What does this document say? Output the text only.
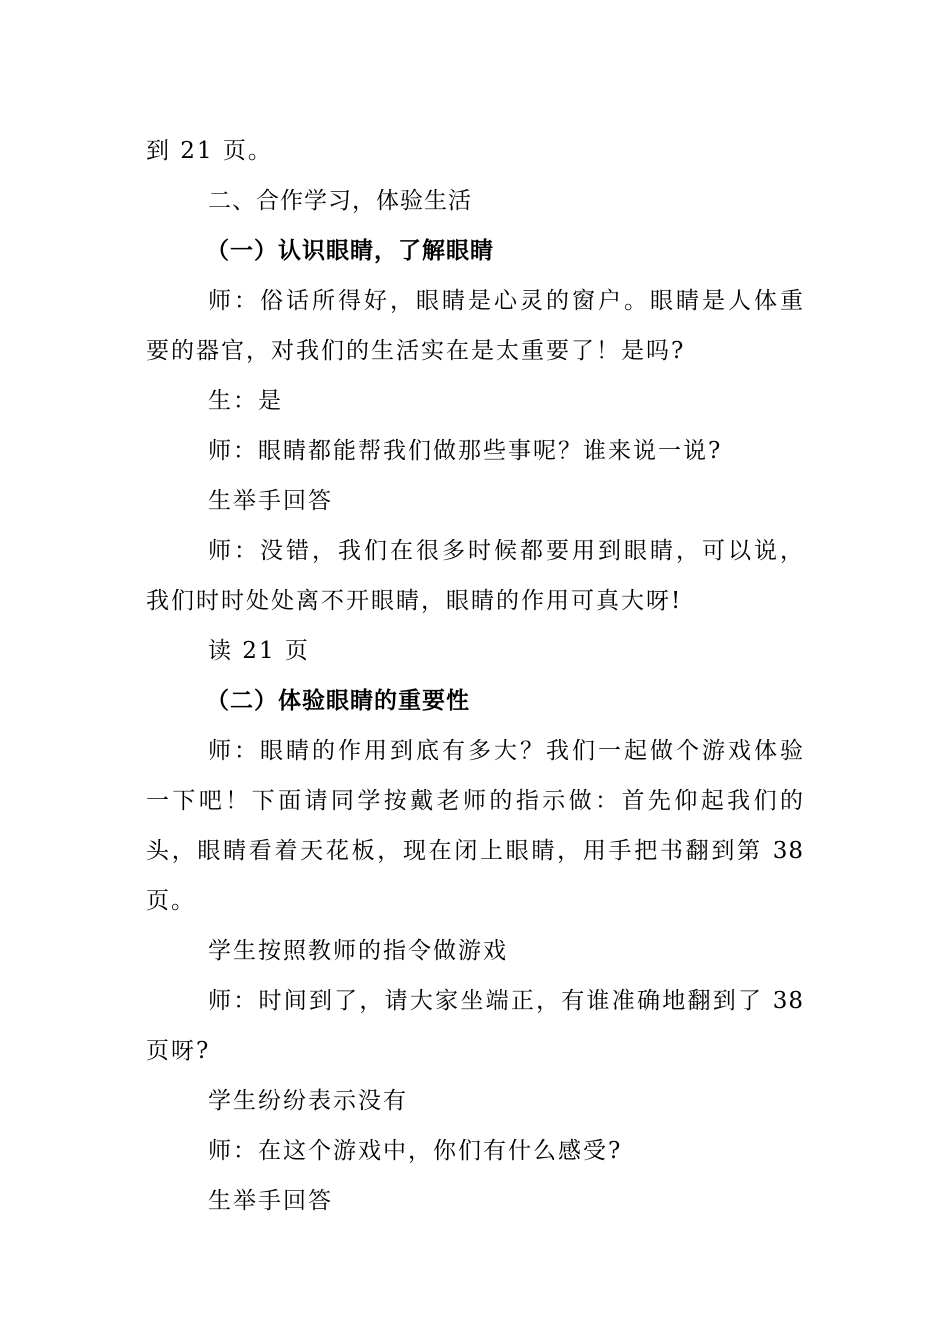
到 21 页。
二、合作学习，体验生活
（一）认识眼睛，了解眼睛
师：俗话所得好，眼睛是心灵的窗户。眼睛是人体重
要的器官，对我们的生活实在是太重要了！是吗?
生：是
师：眼睛都能帮我们做那些事呢？谁来说一说?
生举手回答
师：没错，我们在很多时候都要用到眼睛，可以说，
我们时时处处离不开眼睛，眼睛的作用可真大呀!
读 21 页
（二）体验眼睛的重要性
师：眼睛的作用到底有多大？我们一起做个游戏体验
一下吧！下面请同学按戴老师的指示做：首先仰起我们的
头，眼睛看着天花板，现在闭上眼睛，用手把书翻到第 38
页。
学生按照教师的指令做游戏
师：时间到了，请大家坐端正，有谁准确地翻到了 38
页呀?
学生纷纷表示没有
师：在这个游戏中，你们有什么感受?
生举手回答
